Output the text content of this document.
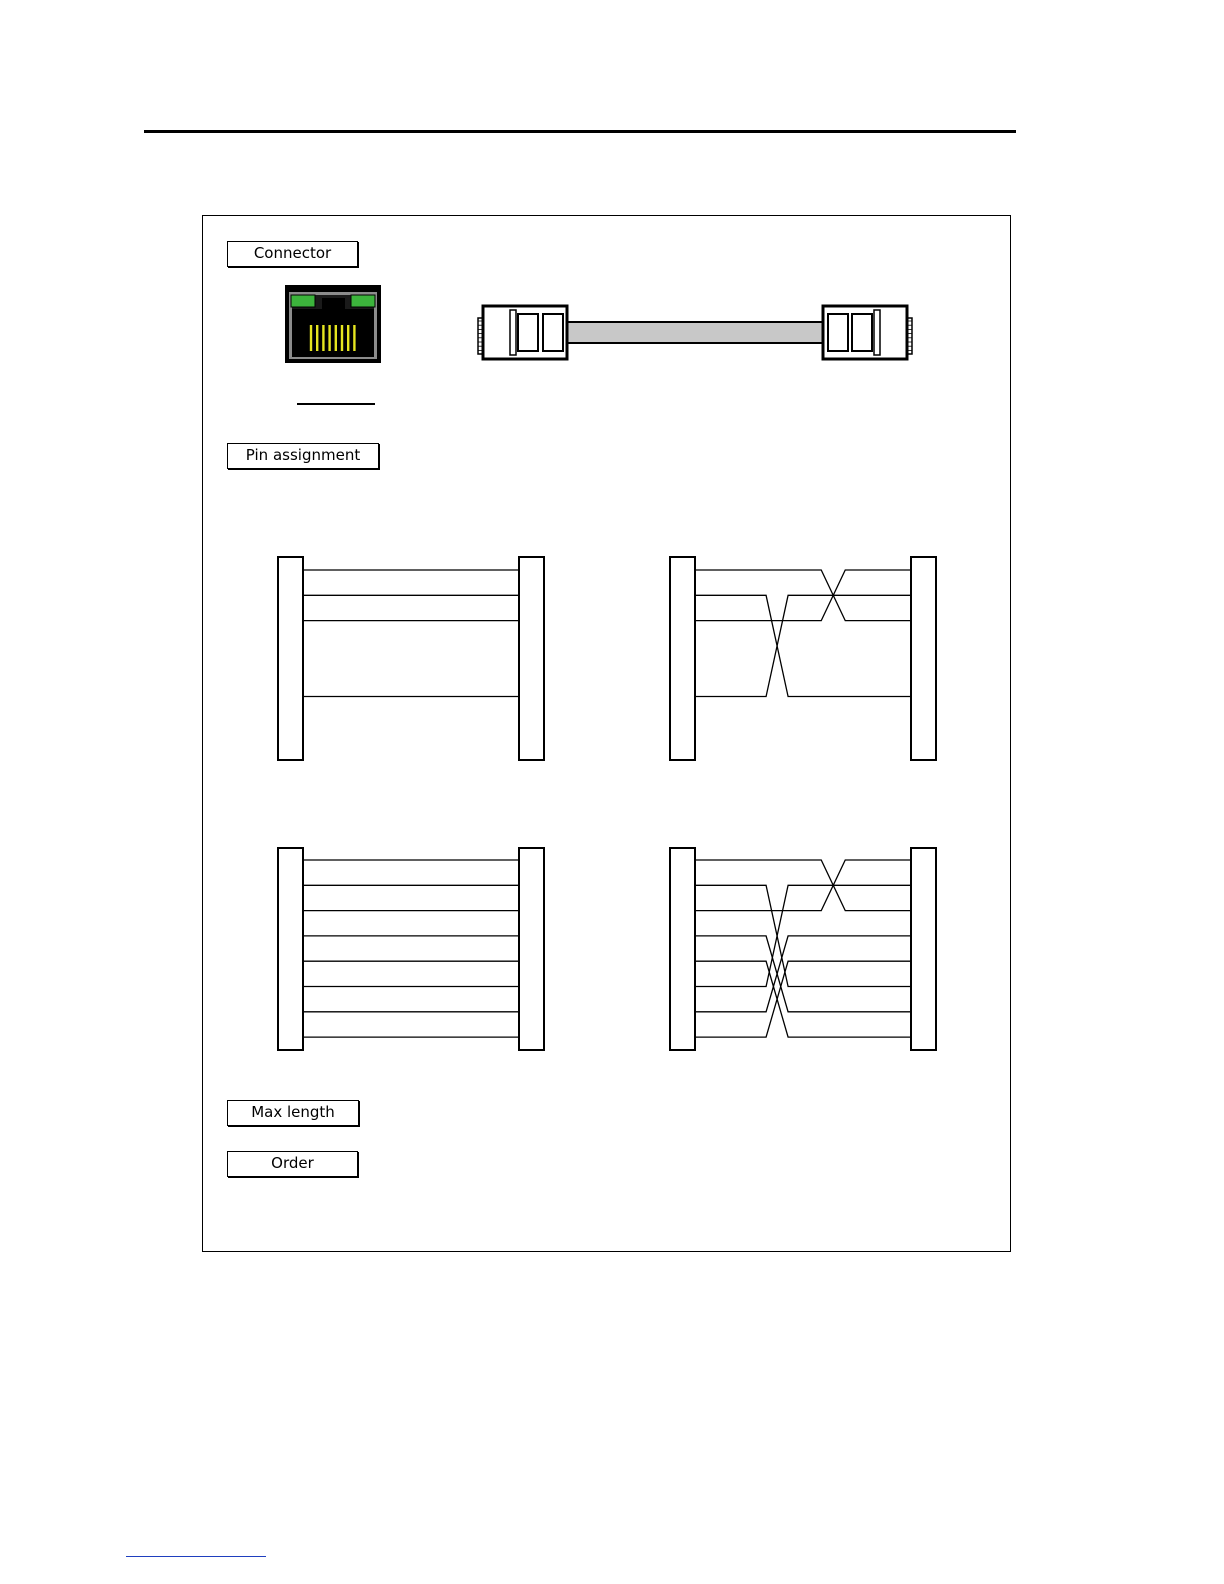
Connector
Pin assignment
Max length
Order
